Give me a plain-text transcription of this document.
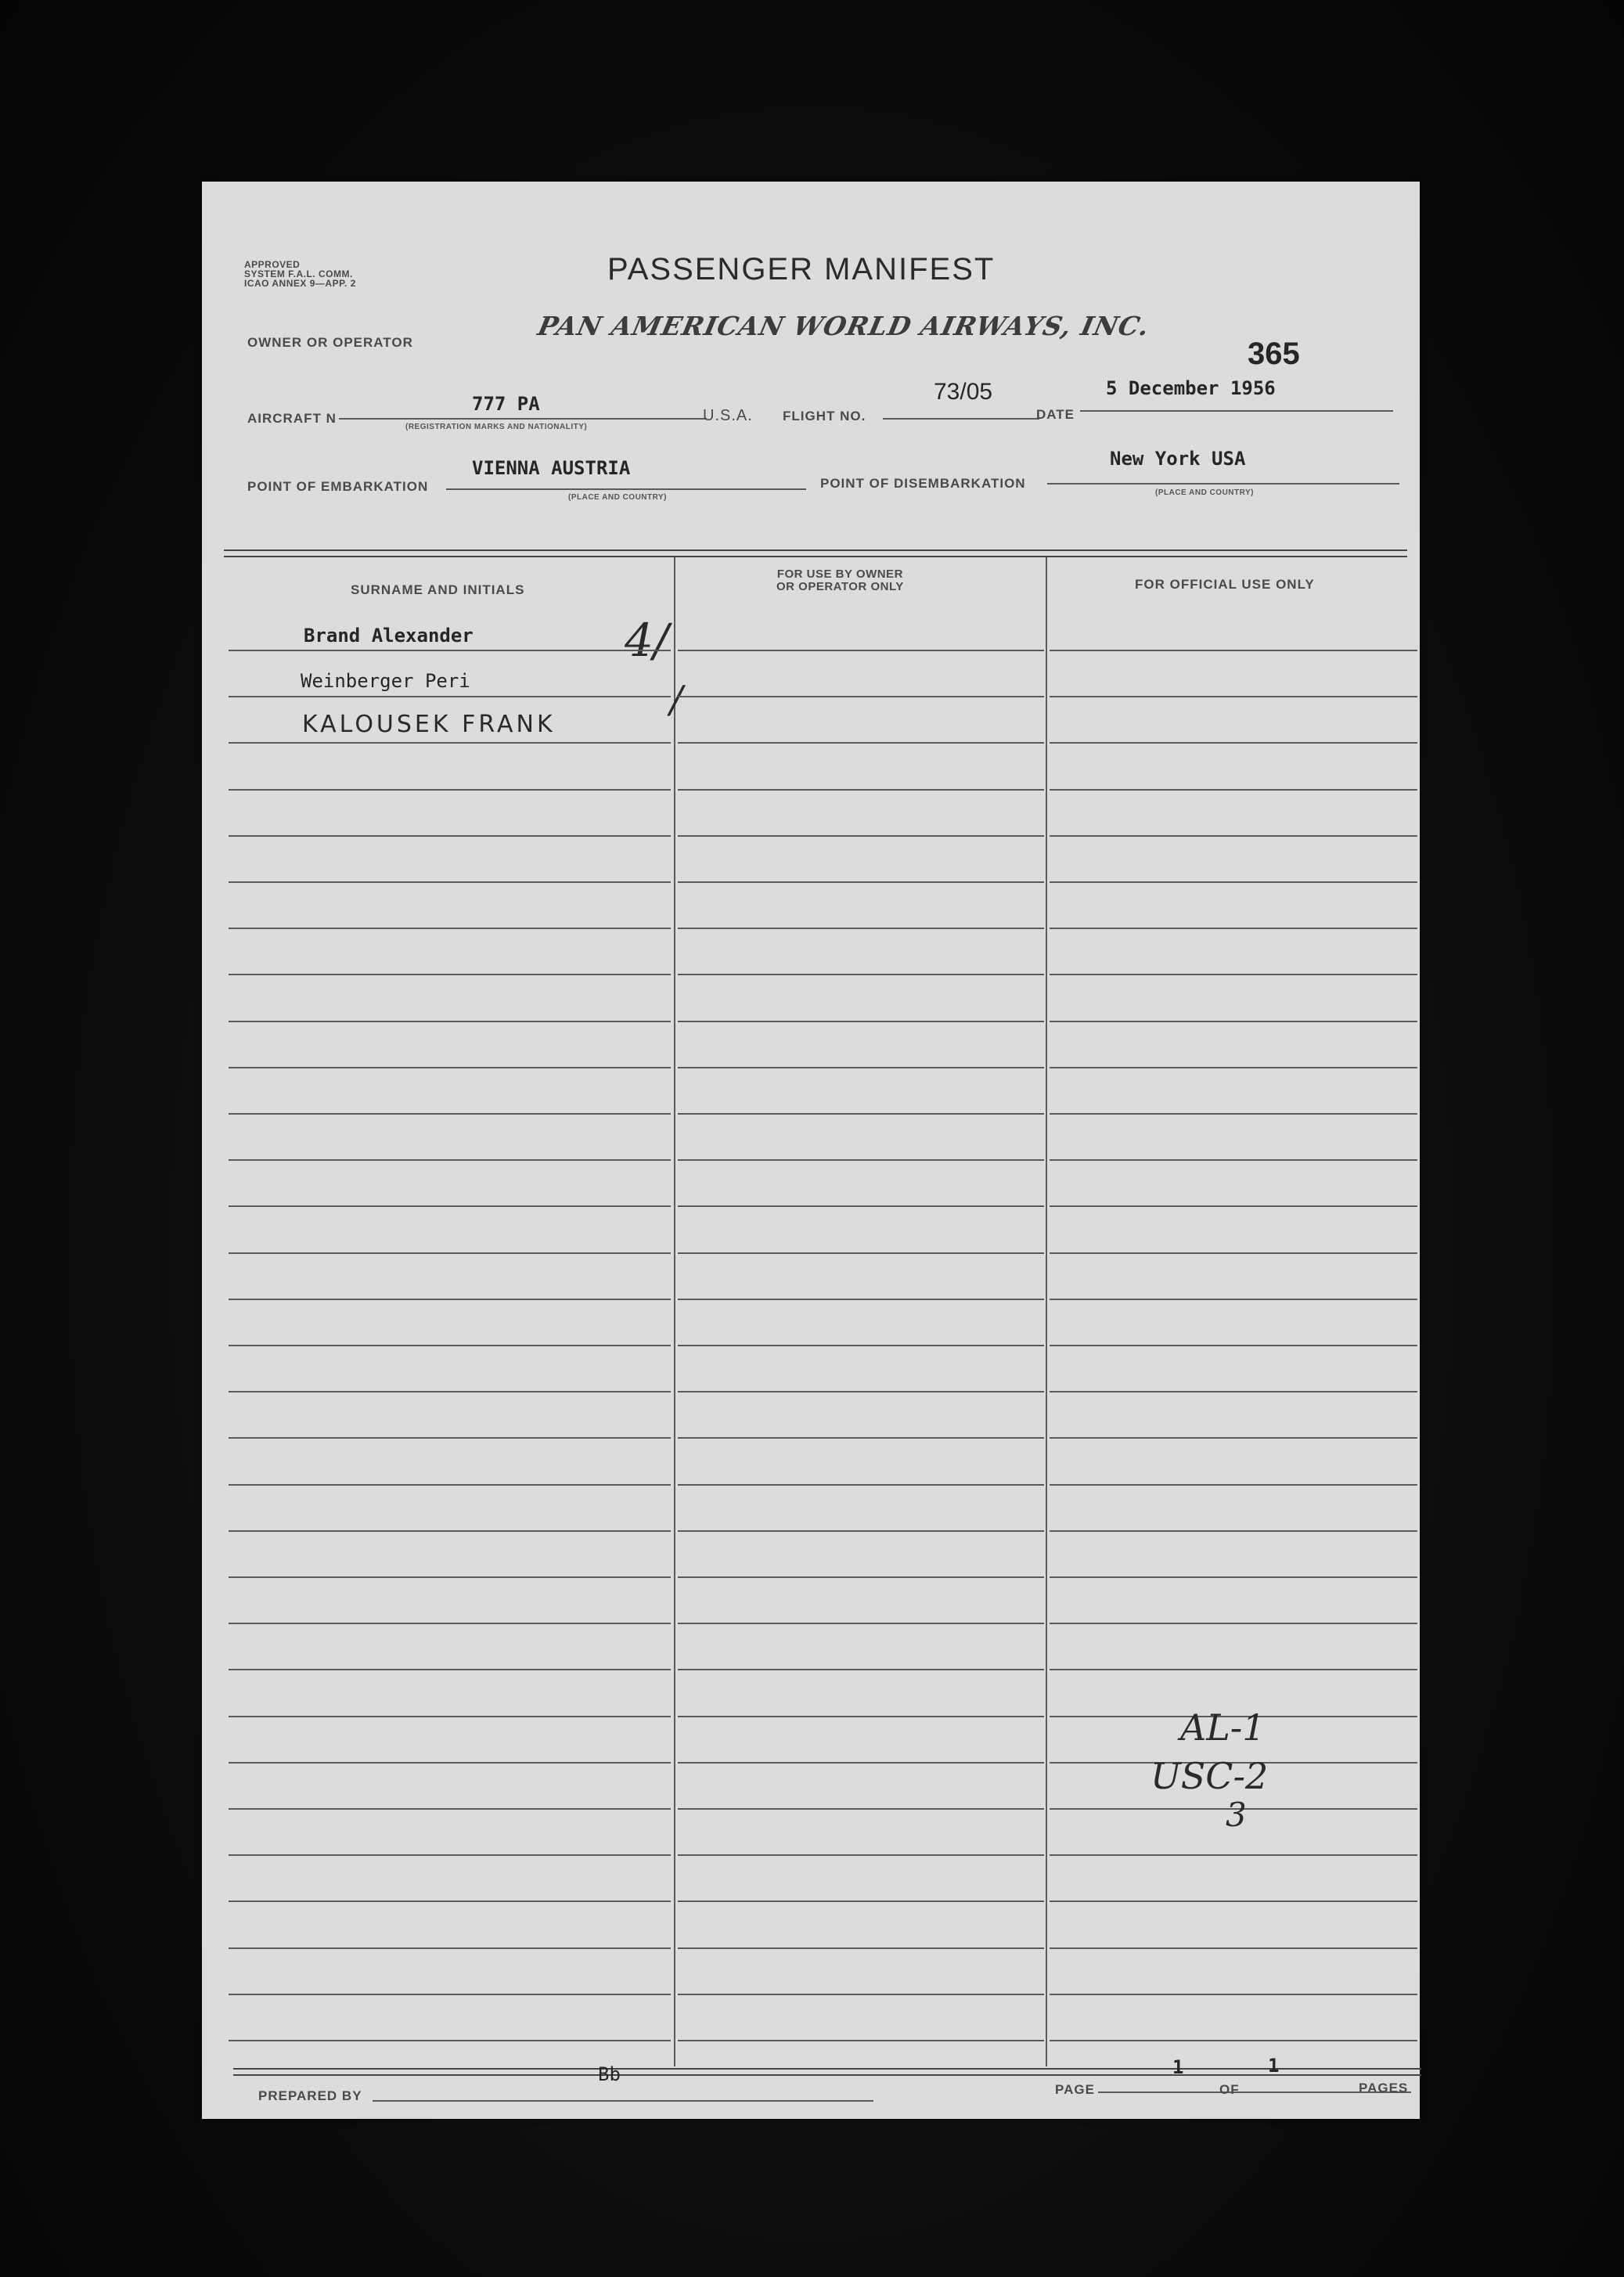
APPROVED
SYSTEM F.A.L. COMM.
ICAO ANNEX 9—APP. 2	PASSENGER MANIFEST
OWNER OR OPERATOR
PAN AMERICAN WORLD AIRWAYS, INC.
365
AIRCRAFT N
777 PA
(REGISTRATION MARKS AND NATIONALITY)
U.S.A. FLIGHT NO.
73/05
DATE
5 December 1956
POINT OF EMBARKATION
VIENNA AUSTRIA
(PLACE AND COUNTRY)
POINT OF DISEMBARKATION
New York USA
(PLACE AND COUNTRY)
SURNAME AND INITIALS
FOR USE BY OWNER
OR OPERATOR ONLY	FOR OFFICIAL USE ONLY
Brand Alexander
Weinberger Peri
KALOUSEK FRANK
4/
/
AL-1
USC-2
3
PREPARED BY
Bb
PAGE
1
OF
1
PAGES
